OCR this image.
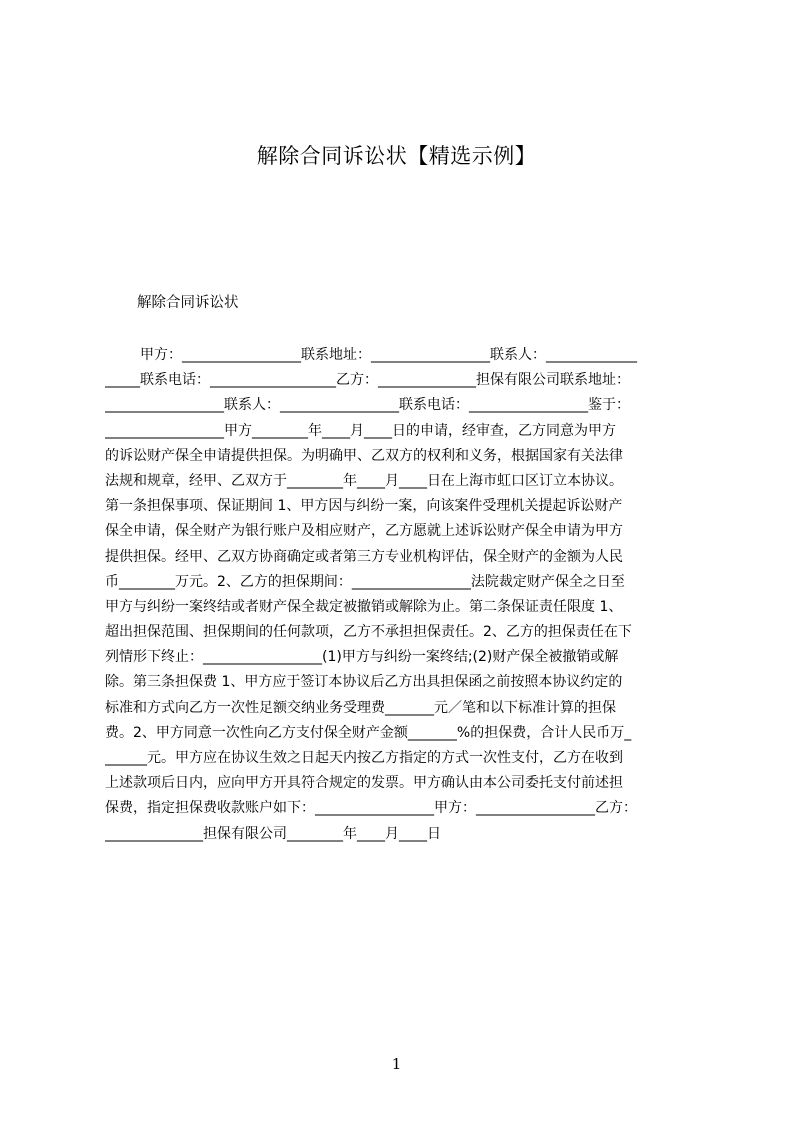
解除合同诉讼状【精选示例】
解除合同诉讼状
甲方：_________________联系地址：_________________联系人：_____________
_____联系电话：__________________乙方：______________担保有限公司联系地址：
_________________联系人：_________________联系电话：_________________鉴于：
_________________甲方________年____月____日的申请，经审查，乙方同意为甲方
的诉讼财产保全申请提供担保。为明确甲、乙双方的权利和义务，根据国家有关法律
法规和规章，经甲、乙双方于________年____月____日在上海市虹口区订立本协议。
第一条担保事项、保证期间 1、甲方因与纠纷一案，向该案件受理机关提起诉讼财产
保全申请，保全财产为银行账户及相应财产，乙方愿就上述诉讼财产保全申请为甲方
提供担保。经甲、乙双方协商确定或者第三方专业机构评估，保全财产的金额为人民
币________万元。2、乙方的担保期间：_________________法院裁定财产保全之日至
甲方与纠纷一案终结或者财产保全裁定被撤销或解除为止。第二条保证责任限度 1、
超出担保范围、担保期间的任何款项，乙方不承担担保责任。2、乙方的担保责任在下
列情形下终止：_________________(1)甲方与纠纷一案终结;(2)财产保全被撤销或解
除。第三条担保费 1、甲方应于签订本协议后乙方出具担保函之前按照本协议约定的
标准和方式向乙方一次性足额交纳业务受理费_______元／笔和以下标准计算的担保
费。2、甲方同意一次性向乙方支付保全财产金额_______%的担保费，合计人民币万_
______元。甲方应在协议生效之日起天内按乙方指定的方式一次性支付，乙方在收到
上述款项后日内，应向甲方开具符合规定的发票。甲方确认由本公司委托支付前述担
保费，指定担保费收款账户如下：_________________甲方：_________________乙方：
______________担保有限公司________年____月____日
1
